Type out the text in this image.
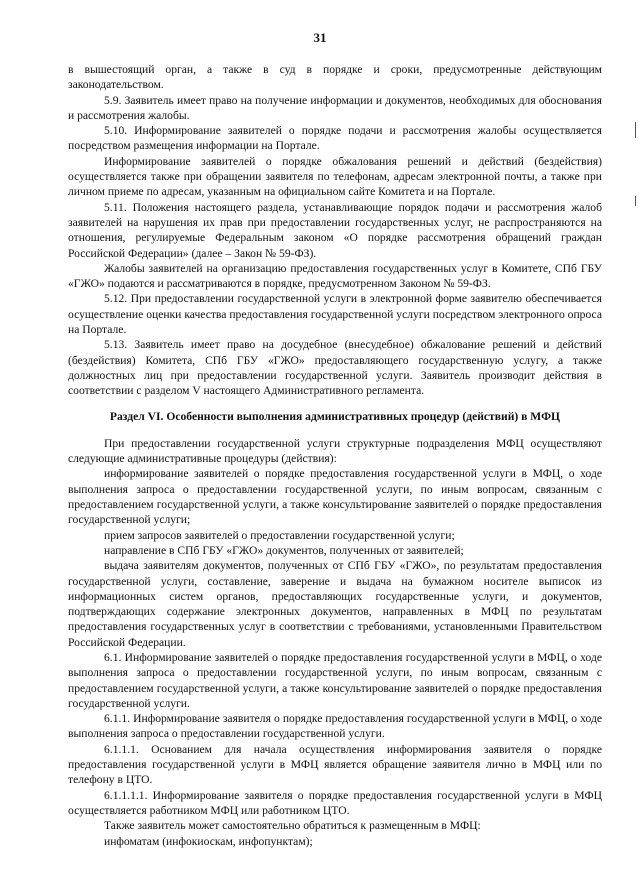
31

в вышестоящий орган, а также в суд в порядке и сроки, предусмотренные действующим законодательством.

5.9. Заявитель имеет право на получение информации и документов, необходимых для обоснования и рассмотрения жалобы.

5.10. Информирование заявителей о порядке подачи и рассмотрения жалобы осуществляется посредством размещения информации на Портале.

Информирование заявителей о порядке обжалования решений и действий (бездействия) осуществляется также при обращении заявителя по телефонам, адресам электронной почты, а также при личном приеме по адресам, указанным на официальном сайте Комитета и на Портале.

5.11. Положения настоящего раздела, устанавливающие порядок подачи и рассмотрения жалоб заявителей на нарушения их прав при предоставлении государственных услуг, не распространяются на отношения, регулируемые Федеральным законом «О порядке рассмотрения обращений граждан Российской Федерации» (далее – Закон № 59-ФЗ).

Жалобы заявителей на организацию предоставления государственных услуг в Комитете, СПб ГБУ «ГЖО» подаются и рассматриваются в порядке, предусмотренном Законом № 59-ФЗ.

5.12. При предоставлении государственной услуги в электронной форме заявителю обеспечивается осуществление оценки качества предоставления государственной услуги посредством электронного опроса на Портале.

5.13. Заявитель имеет право на досудебное (внесудебное) обжалование решений и действий (бездействия) Комитета, СПб ГБУ «ГЖО» предоставляющего государственную услугу, а также должностных лиц при предоставлении государственной услуги. Заявитель производит действия в соответствии с разделом V настоящего Административного регламента.

Раздел VI. Особенности выполнения административных процедур (действий) в МФЦ

При предоставлении государственной услуги структурные подразделения МФЦ осуществляют следующие административные процедуры (действия):

информирование заявителей о порядке предоставления государственной услуги в МФЦ, о ходе выполнения запроса о предоставлении государственной услуги, по иным вопросам, связанным с предоставлением государственной услуги, а также консультирование заявителей о порядке предоставления государственной услуги;

прием запросов заявителей о предоставлении государственной услуги;

направление в СПб ГБУ «ГЖО» документов, полученных от заявителей;

выдача заявителям документов, полученных от СПб ГБУ «ГЖО», по результатам предоставления государственной услуги, составление, заверение и выдача на бумажном носителе выписок из информационных систем органов, предоставляющих государственные услуги, и документов, подтверждающих содержание электронных документов, направленных в МФЦ по результатам предоставления государственных услуг в соответствии с требованиями, установленными Правительством Российской Федерации.

6.1. Информирование заявителей о порядке предоставления государственной услуги в МФЦ, о ходе выполнения запроса о предоставлении государственной услуги, по иным вопросам, связанным с предоставлением государственной услуги, а также консультирование заявителей о порядке предоставления государственной услуги.

6.1.1. Информирование заявителя о порядке предоставления государственной услуги в МФЦ, о ходе выполнения запроса о предоставлении государственной услуги.

6.1.1.1. Основанием для начала осуществления информирования заявителя о порядке предоставления государственной услуги в МФЦ является обращение заявителя лично в МФЦ или по телефону в ЦТО.

6.1.1.1.1. Информирование заявителя о порядке предоставления государственной услуги в МФЦ осуществляется работником МФЦ или работником ЦТО.

Также заявитель может самостоятельно обратиться к размещенным в МФЦ:

инфоматам (инфокиоскам, инфопунктам);
